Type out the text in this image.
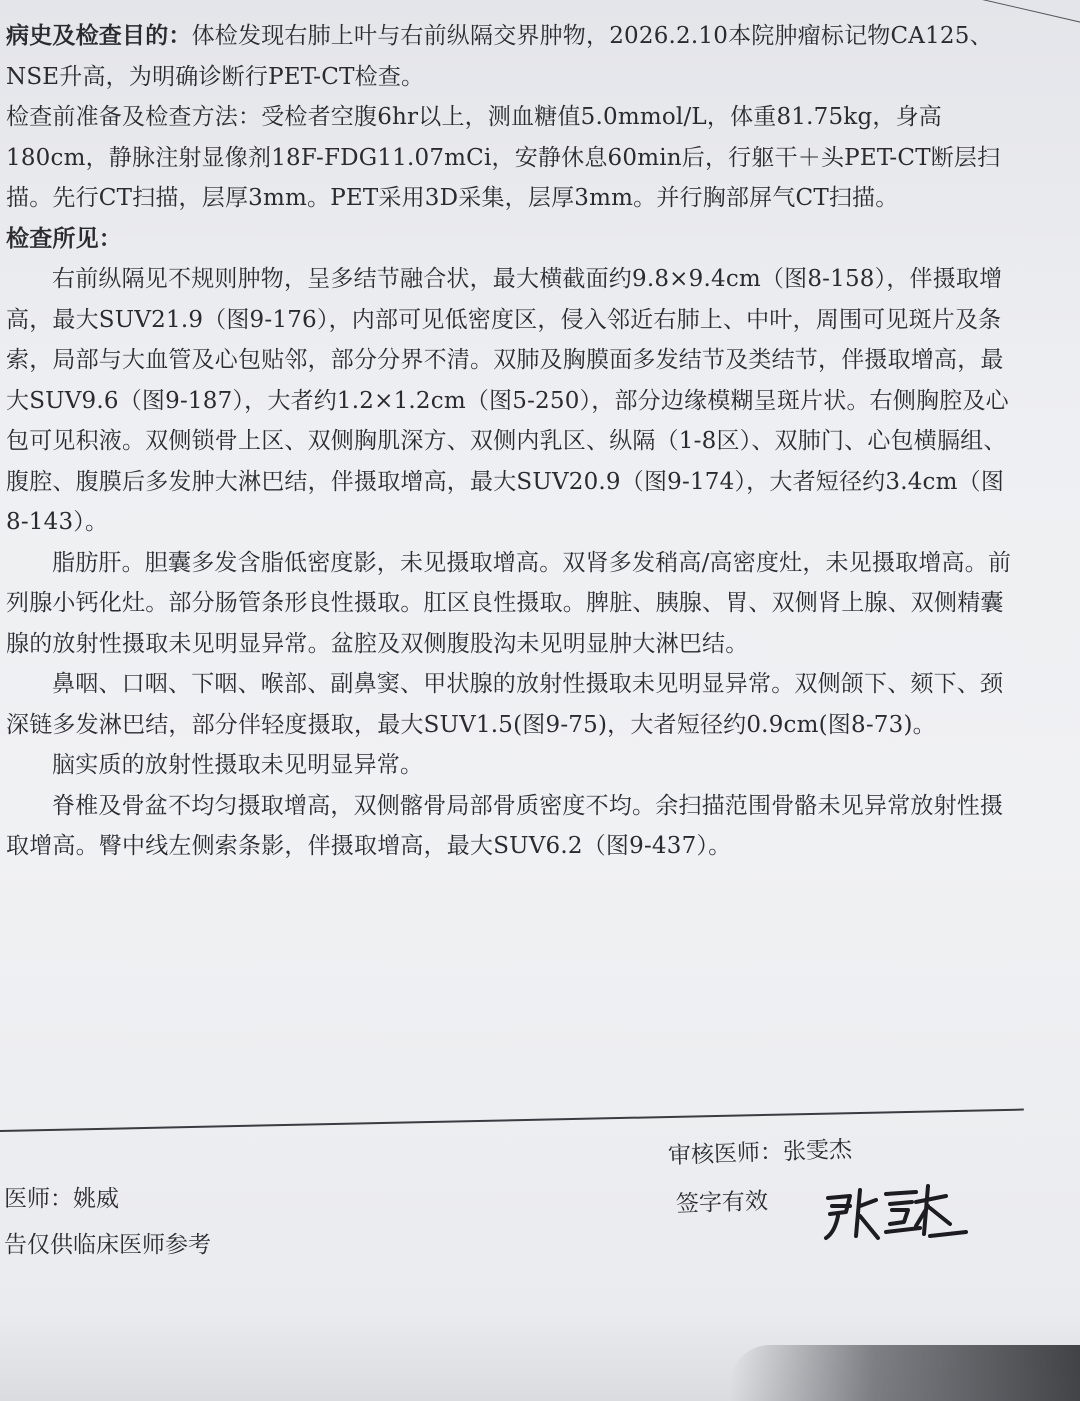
病史及检查目的：体检发现右肺上叶与右前纵隔交界肿物，2026.2.10本院肿瘤标记物CA125、NSE升高，为明确诊断行PET-CT检查。

检查前准备及检查方法：受检者空腹6hr以上，测血糖值5.0mmol/L，体重81.75kg，身高180cm，静脉注射显像剂18F-FDG11.07mCi，安静休息60min后，行躯干＋头PET-CT断层扫描。先行CT扫描，层厚3mm。PET采用3D采集，层厚3mm。并行胸部屏气CT扫描。

检查所见：

右前纵隔见不规则肿物，呈多结节融合状，最大横截面约9.8×9.4cm（图8-158），伴摄取增高，最大SUV21.9（图9-176），内部可见低密度区，侵入邻近右肺上、中叶，周围可见斑片及条索，局部与大血管及心包贴邻，部分分界不清。双肺及胸膜面多发结节及类结节，伴摄取增高，最大SUV9.6（图9-187），大者约1.2×1.2cm（图5-250），部分边缘模糊呈斑片状。右侧胸腔及心包可见积液。双侧锁骨上区、双侧胸肌深方、双侧内乳区、纵隔（1-8区）、双肺门、心包横膈组、腹腔、腹膜后多发肿大淋巴结，伴摄取增高，最大SUV20.9（图9-174），大者短径约3.4cm（图8-143）。

脂肪肝。胆囊多发含脂低密度影，未见摄取增高。双肾多发稍高/高密度灶，未见摄取增高。前列腺小钙化灶。部分肠管条形良性摄取。肛区良性摄取。脾脏、胰腺、胃、双侧肾上腺、双侧精囊腺的放射性摄取未见明显异常。盆腔及双侧腹股沟未见明显肿大淋巴结。

鼻咽、口咽、下咽、喉部、副鼻窦、甲状腺的放射性摄取未见明显异常。双侧颌下、颏下、颈深链多发淋巴结，部分伴轻度摄取，最大SUV1.5(图9-75)，大者短径约0.9cm(图8-73)。

脑实质的放射性摄取未见明显异常。

脊椎及骨盆不均匀摄取增高，双侧髂骨局部骨质密度不均。余扫描范围骨骼未见异常放射性摄取增高。臀中线左侧索条影，伴摄取增高，最大SUV6.2（图9-437）。

审核医师：张雯杰
签字有效
医师：姚威
告仅供临床医师参考
